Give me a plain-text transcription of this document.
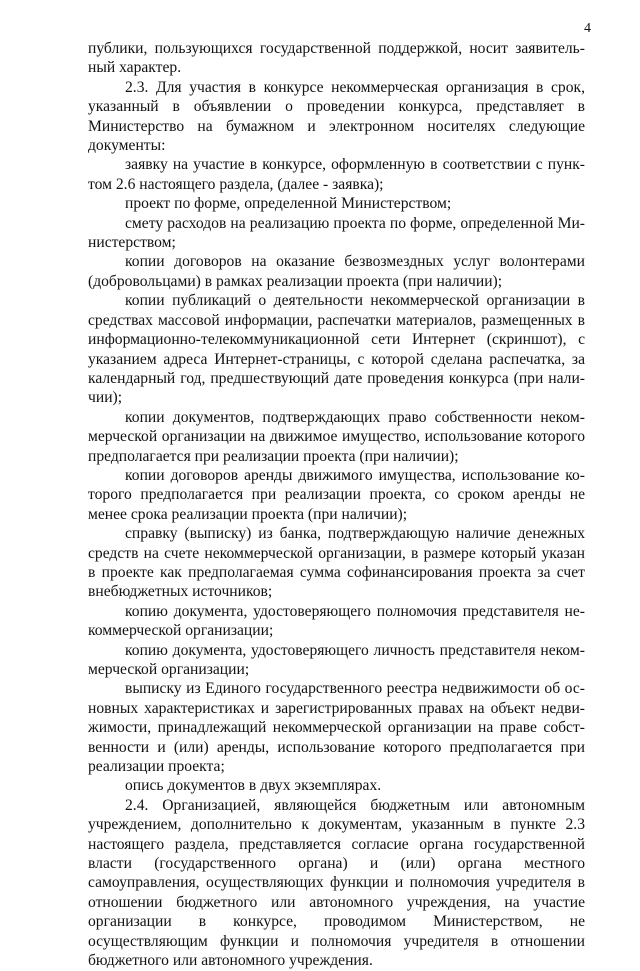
4

публики, пользующихся государственной поддержкой, носит заявительный характер.

2.3. Для участия в конкурсе некоммерческая организация в срок, указанный в объявлении о проведении конкурса, представляет в Министерство на бумажном и электронном носителях следующие документы:

заявку на участие в конкурсе, оформленную в соответствии с пунктом 2.6 настоящего раздела, (далее - заявка);

проект по форме, определенной Министерством;

смету расходов на реализацию проекта по форме, определенной Министерством;

копии договоров на оказание безвозмездных услуг волонтерами (добровольцами) в рамках реализации проекта (при наличии);

копии публикаций о деятельности некоммерческой организации в средствах массовой информации, распечатки материалов, размещенных в информационно-телекоммуникационной сети Интернет (скриншот), с указанием адреса Интернет-страницы, с которой сделана распечатка, за календарный год, предшествующий дате проведения конкурса (при наличии);

копии документов, подтверждающих право собственности некоммерческой организации на движимое имущество, использование которого предполагается при реализации проекта (при наличии);

копии договоров аренды движимого имущества, использование которого предполагается при реализации проекта, со сроком аренды не менее срока реализации проекта (при наличии);

справку (выписку) из банка, подтверждающую наличие денежных средств на счете некоммерческой организации, в размере который указан в проекте как предполагаемая сумма софинансирования проекта за счет внебюджетных источников;

копию документа, удостоверяющего полномочия представителя некоммерческой организации;

копию документа, удостоверяющего личность представителя некоммерческой организации;

выписку из Единого государственного реестра недвижимости об основных характеристиках и зарегистрированных правах на объект недвижимости, принадлежащий некоммерческой организации на праве собственности и (или) аренды, использование которого предполагается при реализации проекта;

опись документов в двух экземплярах.

2.4. Организацией, являющейся бюджетным или автономным учреждением, дополнительно к документам, указанным в пункте 2.3 настоящего раздела, представляется согласие органа государственной власти (государственного органа) и (или) органа местного самоуправления, осуществляющих функции и полномочия учредителя в отношении бюджетного или автономного учреждения, на участие организации в конкурсе, проводимом Министерством, не осуществляющим функции и полномочия учредителя в отношении бюджетного или автономного учреждения.
